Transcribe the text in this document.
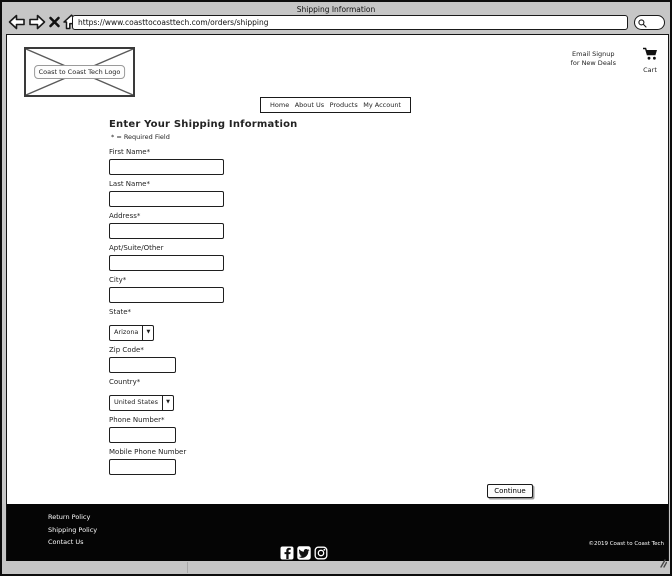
Shipping Information
https://www.coasttocoasttech.com/orders/shipping
Coast to Coast Tech Logo
Email Signup
for New Deals
Cart
Home About Us Products My Account
Enter Your Shipping Information
* = Required Field
First Name*
Last Name*
Address*
Apt/Suite/Other
City*
State*
Arizona	▼
Zip Code*
Country*
United States	▼
Phone Number*
Mobile Phone Number
Continue
Return Policy
Shipping Policy
Contact Us	©2019 Coast to Coast Tech
